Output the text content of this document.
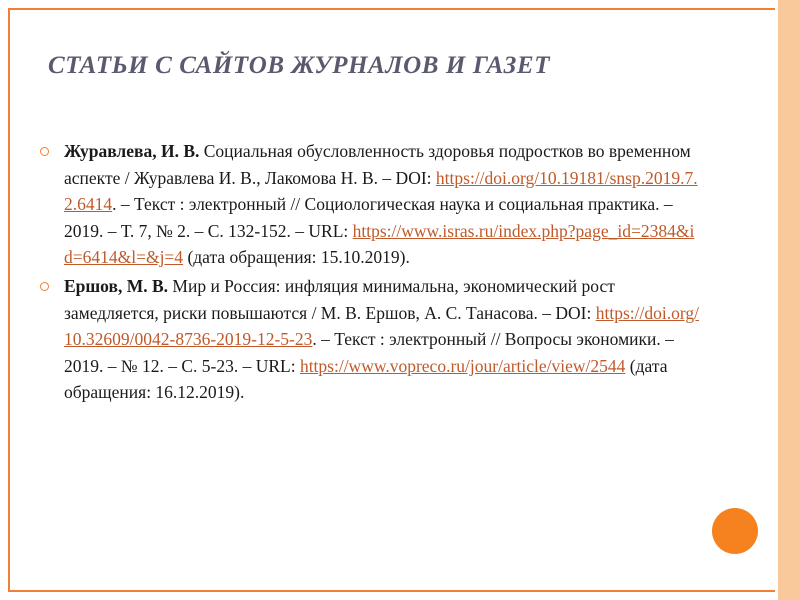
СТАТЬИ С САЙТОВ ЖУРНАЛОВ И ГАЗЕТ
Журавлева, И. В. Социальная обусловленность здоровья подростков во временном аспекте / Журавлева И. В., Лакомова Н. В. – DOI: https://doi.org/10.19181/snsp.2019.7.2.6414. – Текст : электронный // Социологическая наука и социальная практика. – 2019. – Т. 7, № 2. – С. 132-152. – URL: https://www.isras.ru/index.php?page_id=2384&id=6414&l=&j=4 (дата обращения: 15.10.2019).
Ершов, М. В. Мир и Россия: инфляция минимальна, экономический рост замедляется, риски повышаются / М. В. Ершов, А. С. Танасова. – DOI: https://doi.org/10.32609/0042-8736-2019-12-5-23. – Текст : электронный // Вопросы экономики. – 2019. – № 12. – С. 5-23. – URL: https://www.vopreco.ru/jour/article/view/2544 (дата обращения: 16.12.2019).
